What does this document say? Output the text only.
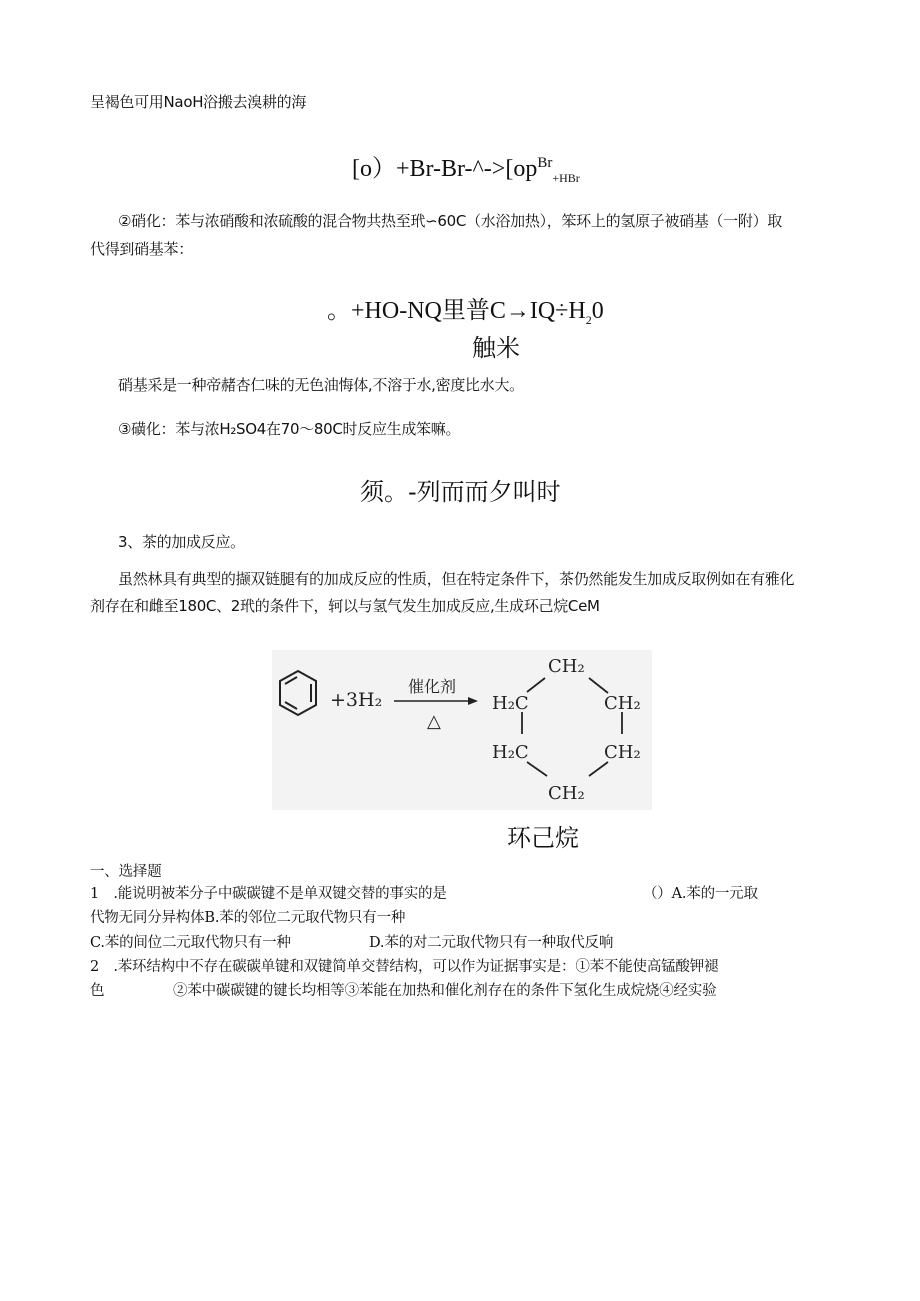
呈褐色可用NaoH浴搬去溴耕的海
$[o)+Br-Br-\^{}->[op^{Br}_{+HBr}$
②硝化：苯与浓硝酸和浓硫酸的混合物共热至玳∽60C（水浴加热），笨环上的氢原子被硝基（一附）取
代得到硝基苯：
。+HO-NQ里普$C\to IQ\div H_20$
触米
硝基采是一种帝赭杏仁味的无色油悔体,不溶于水,密度比水大。
③磺化：苯与浓H₂SO4在70～80C时反应生成笨嘛。
须。-列而而夕叫时
3、茶的加成反应。
虽然林具有典型的撷双链腿有的加成反应的性质，但在特定条件下，茶仍然能发生加成反取例如在有雅化
剂存在和雌至180C、2玳的条件下，轲以与氢气发生加成反应,生成环己烷CeM
+3H₂
催化剂
△
CH₂
H₂C	CH₂
H₂C	CH₂
CH₂
环己烷
一、选择题
1　.能说明被苯分子中碳碳键不是单双键交替的事实的是	（）A.苯的一元取
代物无同分异构体B.苯的邻位二元取代物只有一种
C.苯的间位二元取代物只有一种	D.苯的对二元取代物只有一种取代反响
2　.苯环结构中不存在碳碳单键和双键简单交替结构，可以作为证据事实是：①苯不能使高锰酸钾褪
色	②苯中碳碳键的键长均相等③苯能在加热和催化剂存在的条件下氢化生成烷烧④经实验
